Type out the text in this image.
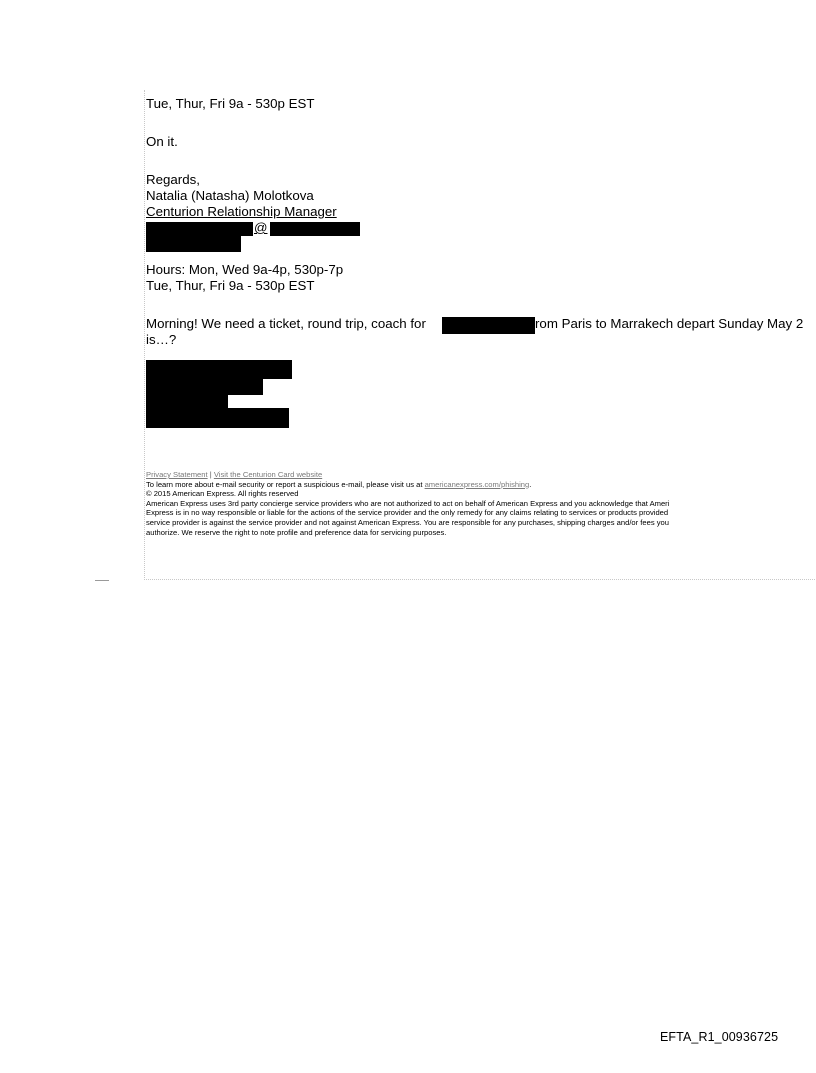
Tue, Thur, Fri 9a - 530p EST
On it.
Regards,
Natalia (Natasha) Molotkova
Centurion Relationship Manager
@
Hours: Mon, Wed 9a-4p, 530p-7p
Tue, Thur, Fri 9a - 530p EST
Morning! We need a ticket, round trip, coach for	rom Paris to Marrakech depart Sunday May 2
is…?
Privacy Statement | Visit the Centurion Card website
To learn more about e-mail security or report a suspicious e-mail, please visit us at americanexpress.com/phishing.
© 2015 American Express. All rights reserved
American Express uses 3rd party concierge service providers who are not authorized to act on behalf of American Express and you acknowledge that Ameri
Express is in no way responsible or liable for the actions of the service provider and the only remedy for any claims relating to services or products provided
service provider is against the service provider and not against American Express. You are responsible for any purchases, shipping charges and/or fees you
authorize. We reserve the right to note profile and preference data for servicing purposes.
EFTA_R1_00936725
